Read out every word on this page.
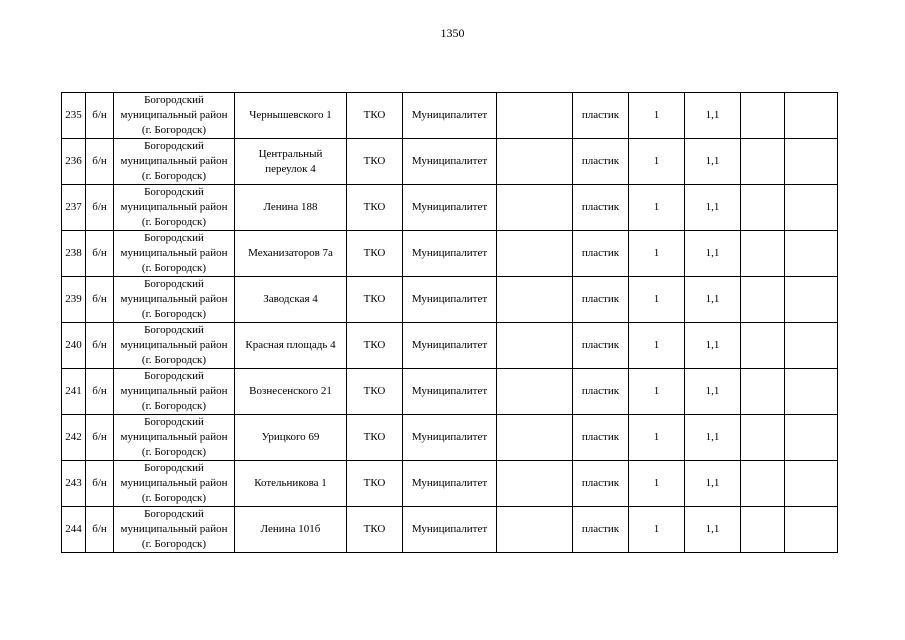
1350
235	б/н	Богородский
муниципальный район
(г. Богородск)	Чернышевского 1	ТКО	Муниципалитет		пластик	1	1,1		
236	б/н	Богородский
муниципальный район
(г. Богородск)	Центральный
переулок 4	ТКО	Муниципалитет		пластик	1	1,1		
237	б/н	Богородский
муниципальный район
(г. Богородск)	Ленина 188	ТКО	Муниципалитет		пластик	1	1,1		
238	б/н	Богородский
муниципальный район
(г. Богородск)	Механизаторов 7а	ТКО	Муниципалитет		пластик	1	1,1		
239	б/н	Богородский
муниципальный район
(г. Богородск)	Заводская 4	ТКО	Муниципалитет		пластик	1	1,1		
240	б/н	Богородский
муниципальный район
(г. Богородск)	Красная площадь 4	ТКО	Муниципалитет		пластик	1	1,1		
241	б/н	Богородский
муниципальный район
(г. Богородск)	Вознесенского 21	ТКО	Муниципалитет		пластик	1	1,1		
242	б/н	Богородский
муниципальный район
(г. Богородск)	Урицкого 69	ТКО	Муниципалитет		пластик	1	1,1		
243	б/н	Богородский
муниципальный район
(г. Богородск)	Котельникова 1	ТКО	Муниципалитет		пластик	1	1,1		
244	б/н	Богородский
муниципальный район
(г. Богородск)	Ленина 101б	ТКО	Муниципалитет		пластик	1	1,1		
